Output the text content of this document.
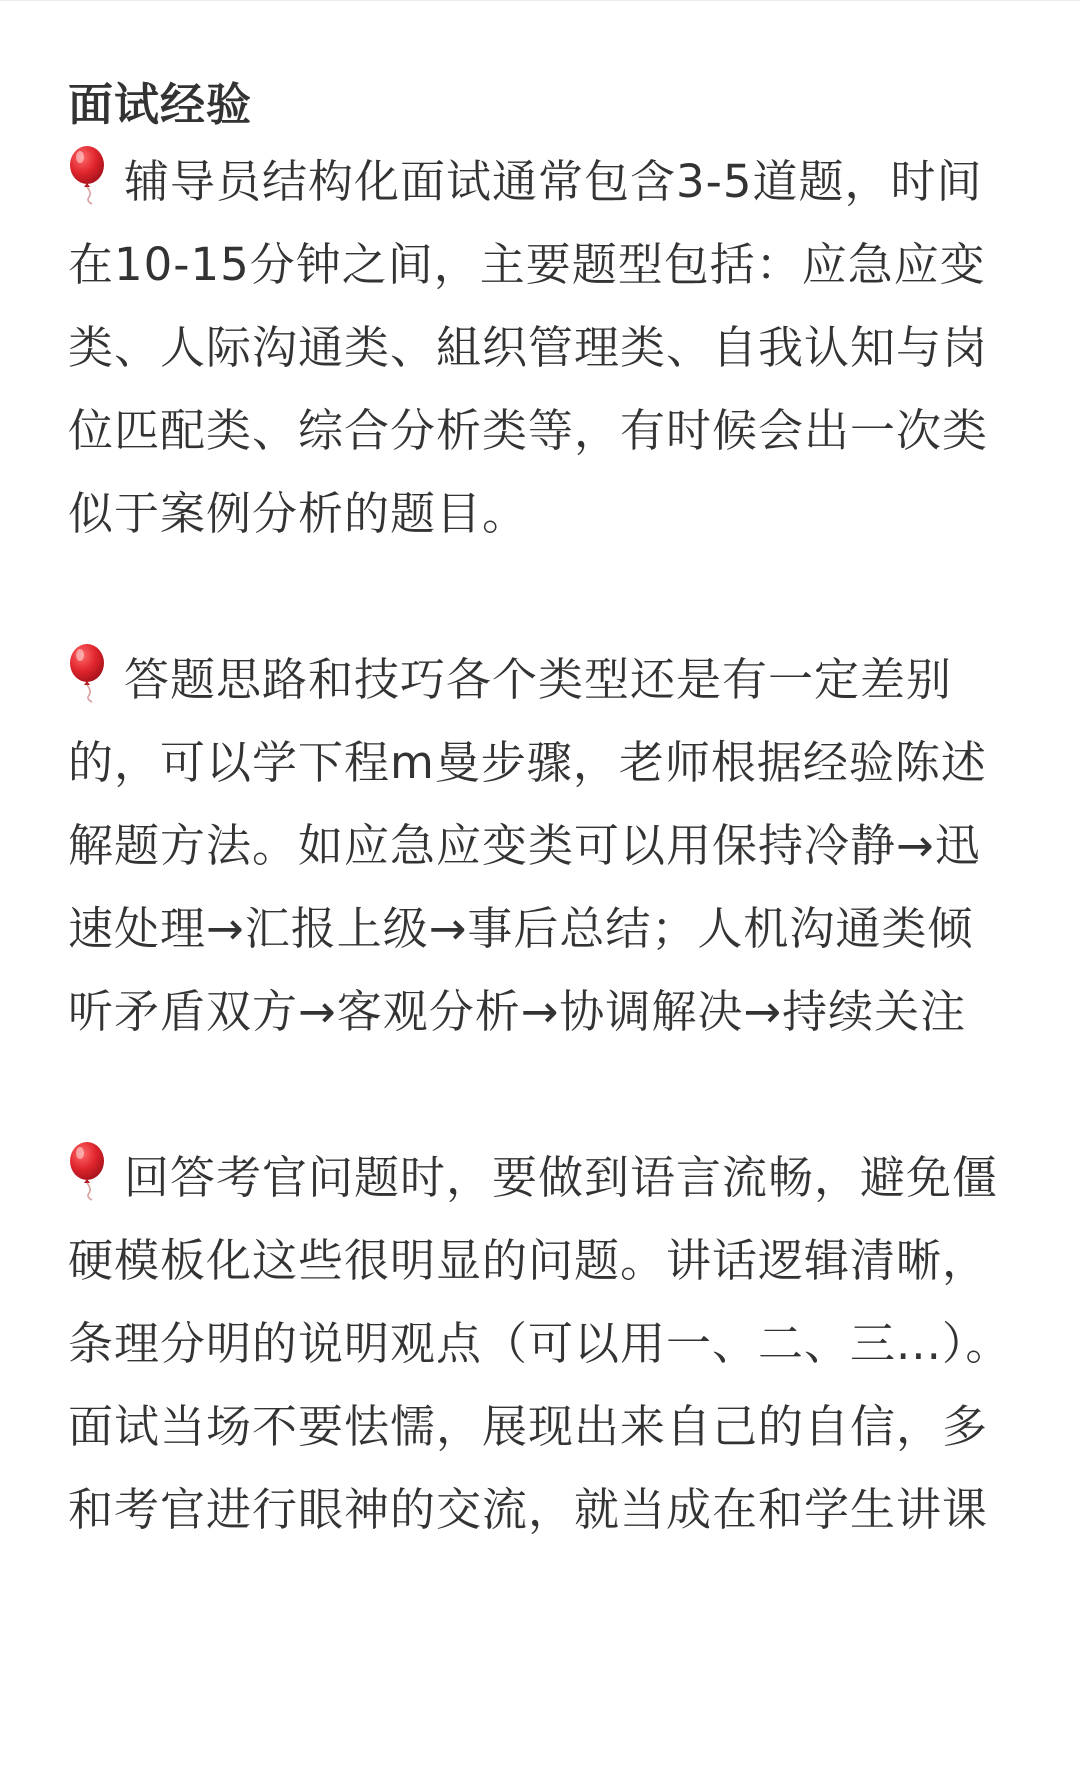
面试经验

辅导员结构化面试通常包含3-5道题，时间在10-15分钟之间，主要题型包括：应急应变类、人际沟通类、組织管理类、自我认知与岗位匹配类、综合分析类等，有时候会出一次类似于案例分析的题目。

答题思路和技巧各个类型还是有一定差别的，可以学下程m曼步骤，老师根据经验陈述解题方法。如应急应变类可以用保持冷静→迅速处理→汇报上级→事后总结；人机沟通类倾听矛盾双方→客观分析→协调解决→持续关注

回答考官问题时，要做到语言流畅，避免僵硬模板化这些很明显的问题。讲话逻辑清晰，条理分明的说明观点（可以用一、二、三...）。面试当场不要怯懦，展现出来自己的自信，多和考官进行眼神的交流，就当成在和学生讲课
